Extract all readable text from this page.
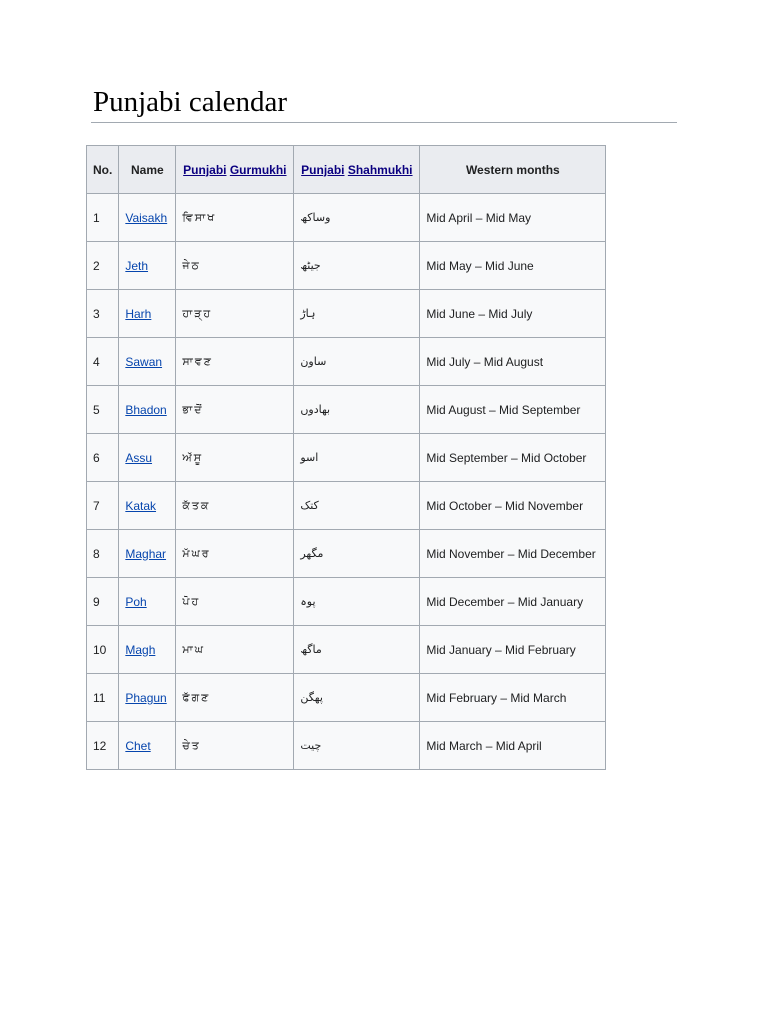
Punjabi calendar
No.	Name	Punjabi Gurmukhi	Punjabi Shahmukhi	Western months
1	Vaisakh	ਵਿਸਾਖ	وساکھ	Mid April – Mid May
2	Jeth	ਜੇਠ	جیٹھ	Mid May – Mid June
3	Harh	ਹਾੜ੍ਹ	ہاڑ	Mid June – Mid July
4	Sawan	ਸਾਵਣ	ساون	Mid July – Mid August
5	Bhadon	ਭਾਦੋਂ	بھادوں	Mid August – Mid September
6	Assu	ਅੱਸੂ	اسو	Mid September – Mid October
7	Katak	ਕੱਤਕ	کتک	Mid October – Mid November
8	Maghar	ਮੱਘਰ	مگھر	Mid November – Mid December
9	Poh	ਪੋਹ	پوہ	Mid December – Mid January
10	Magh	ਮਾਘ	ماگھ	Mid January – Mid February
11	Phagun	ਫੱਗਣ	پھگن	Mid February – Mid March
12	Chet	ਚੇਤ	چیت	Mid March – Mid April
